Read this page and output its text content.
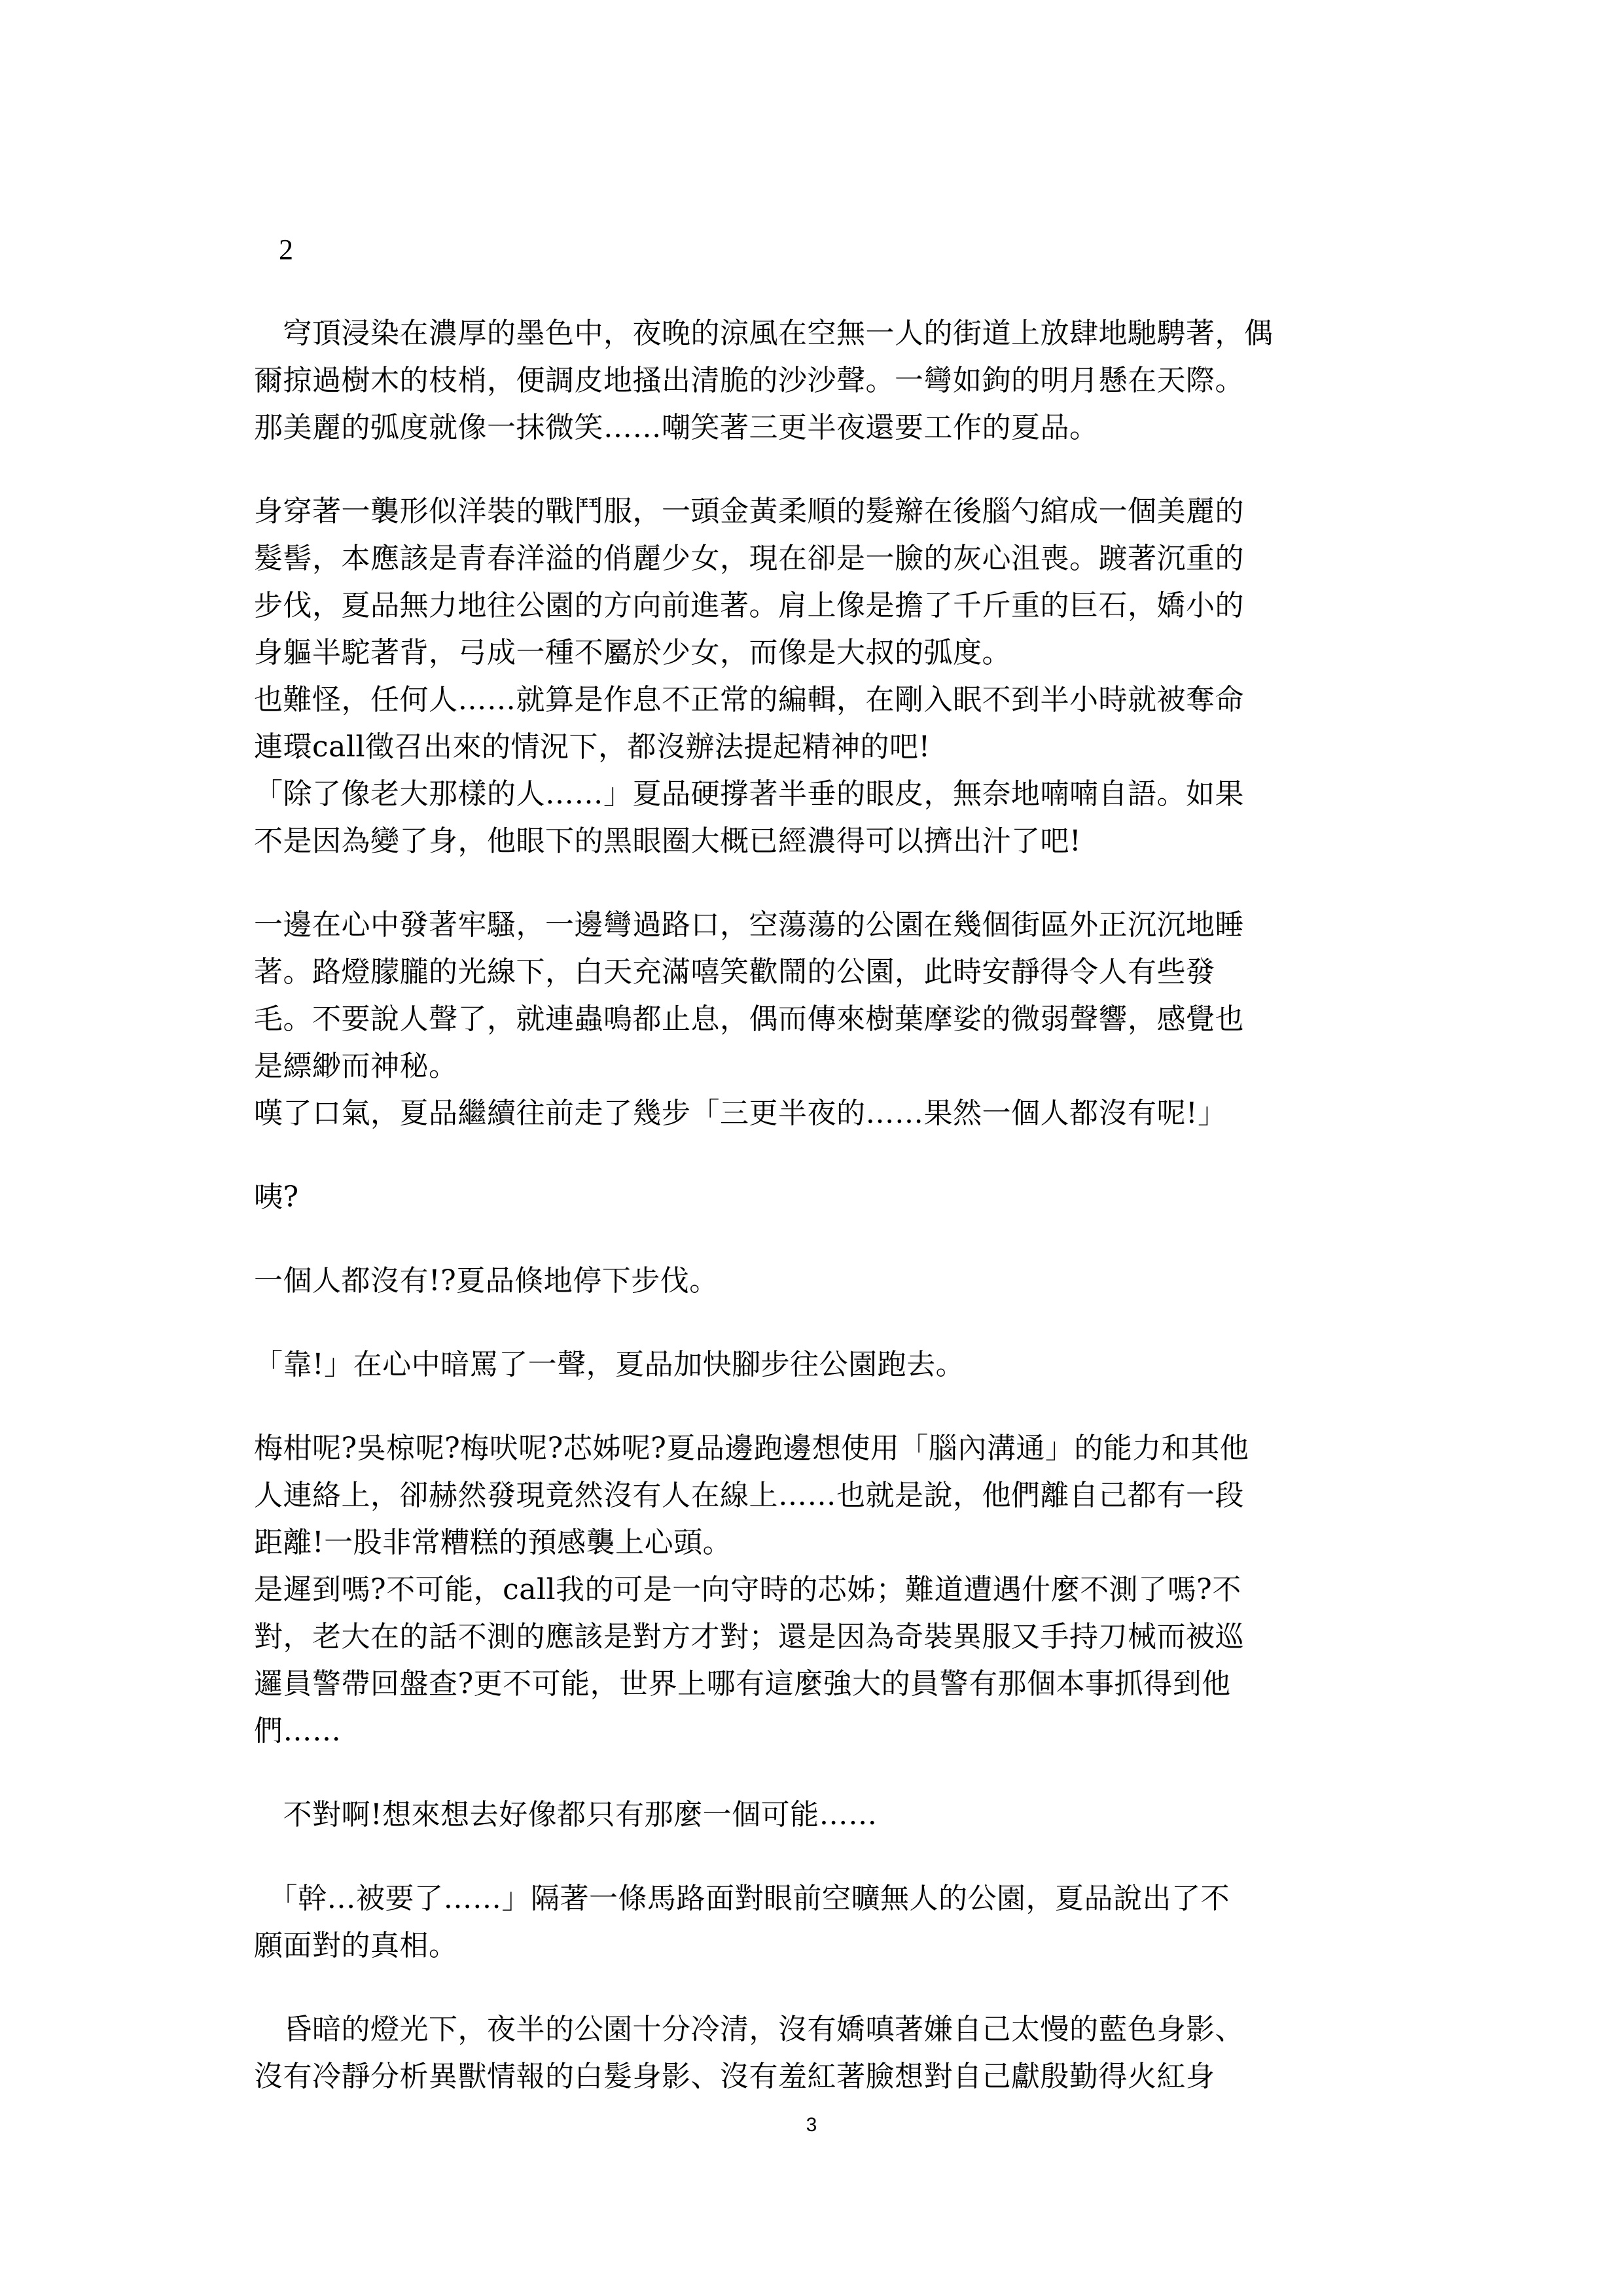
2

　穹頂浸染在濃厚的墨色中，夜晚的涼風在空無一人的街道上放肆地馳騁著，偶
爾掠過樹木的枝梢，便調皮地搔出清脆的沙沙聲。一彎如鉤的明月懸在天際。
那美麗的弧度就像一抹微笑……嘲笑著三更半夜還要工作的夏品。

身穿著一襲形似洋裝的戰鬥服，一頭金黃柔順的髮辮在後腦勺綰成一個美麗的
髮髻，本應該是青春洋溢的俏麗少女，現在卻是一臉的灰心沮喪。踱著沉重的
步伐，夏品無力地往公園的方向前進著。肩上像是擔了千斤重的巨石，嬌小的
身軀半駝著背，弓成一種不屬於少女，而像是大叔的弧度。
也難怪，任何人……就算是作息不正常的編輯，在剛入眠不到半小時就被奪命
連環call徵召出來的情況下，都沒辦法提起精神的吧!
「除了像老大那樣的人……」夏品硬撐著半垂的眼皮，無奈地喃喃自語。如果
不是因為變了身，他眼下的黑眼圈大概已經濃得可以擠出汁了吧!

一邊在心中發著牢騷，一邊彎過路口，空蕩蕩的公園在幾個街區外正沉沉地睡
著。路燈朦朧的光線下，白天充滿嘻笑歡鬧的公園，此時安靜得令人有些發
毛。不要說人聲了，就連蟲鳴都止息，偶而傳來樹葉摩娑的微弱聲響，感覺也
是縹緲而神秘。
嘆了口氣，夏品繼續往前走了幾步「三更半夜的……果然一個人都沒有呢!」

咦?

一個人都沒有!?夏品倏地停下步伐。

「靠!」在心中暗罵了一聲，夏品加快腳步往公園跑去。

梅柑呢?吳椋呢?梅吠呢?芯姊呢?夏品邊跑邊想使用「腦內溝通」的能力和其他
人連絡上，卻赫然發現竟然沒有人在線上……也就是說，他們離自己都有一段
距離!一股非常糟糕的預感襲上心頭。
是遲到嗎?不可能，call我的可是一向守時的芯姊；難道遭遇什麼不測了嗎?不
對，老大在的話不測的應該是對方才對；還是因為奇裝異服又手持刀械而被巡
邏員警帶回盤查?更不可能，世界上哪有這麼強大的員警有那個本事抓得到他
們……

　不對啊!想來想去好像都只有那麼一個可能……

　「幹…被要了……」隔著一條馬路面對眼前空曠無人的公園，夏品說出了不
願面對的真相。

　昏暗的燈光下，夜半的公園十分冷清，沒有嬌嗔著嫌自己太慢的藍色身影、
沒有冷靜分析異獸情報的白髮身影、沒有羞紅著臉想對自己獻殷勤得火紅身

3
